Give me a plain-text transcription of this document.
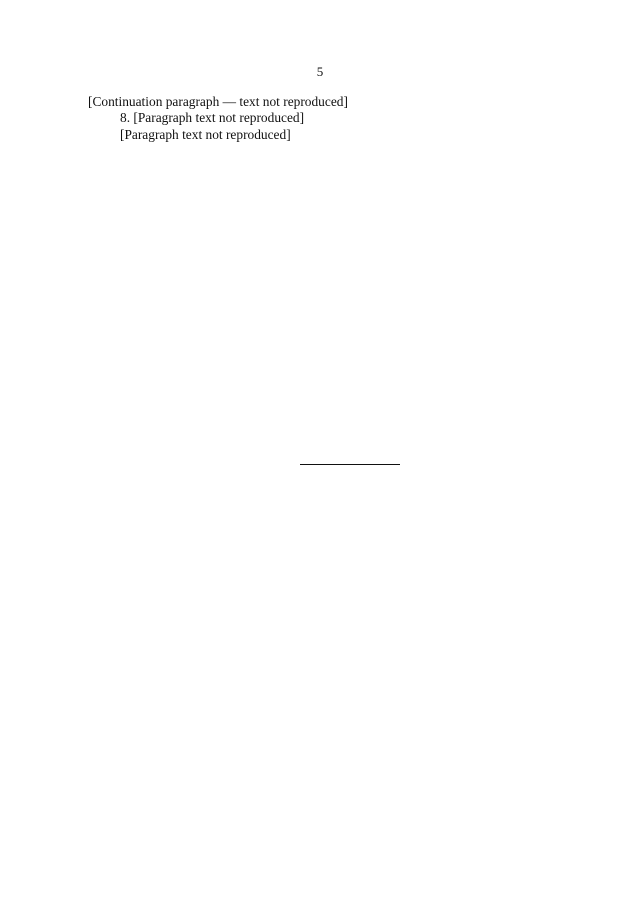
5

[Continuation paragraph — text not reproduced]

8. [Paragraph text not reproduced]

[Paragraph text not reproduced]
